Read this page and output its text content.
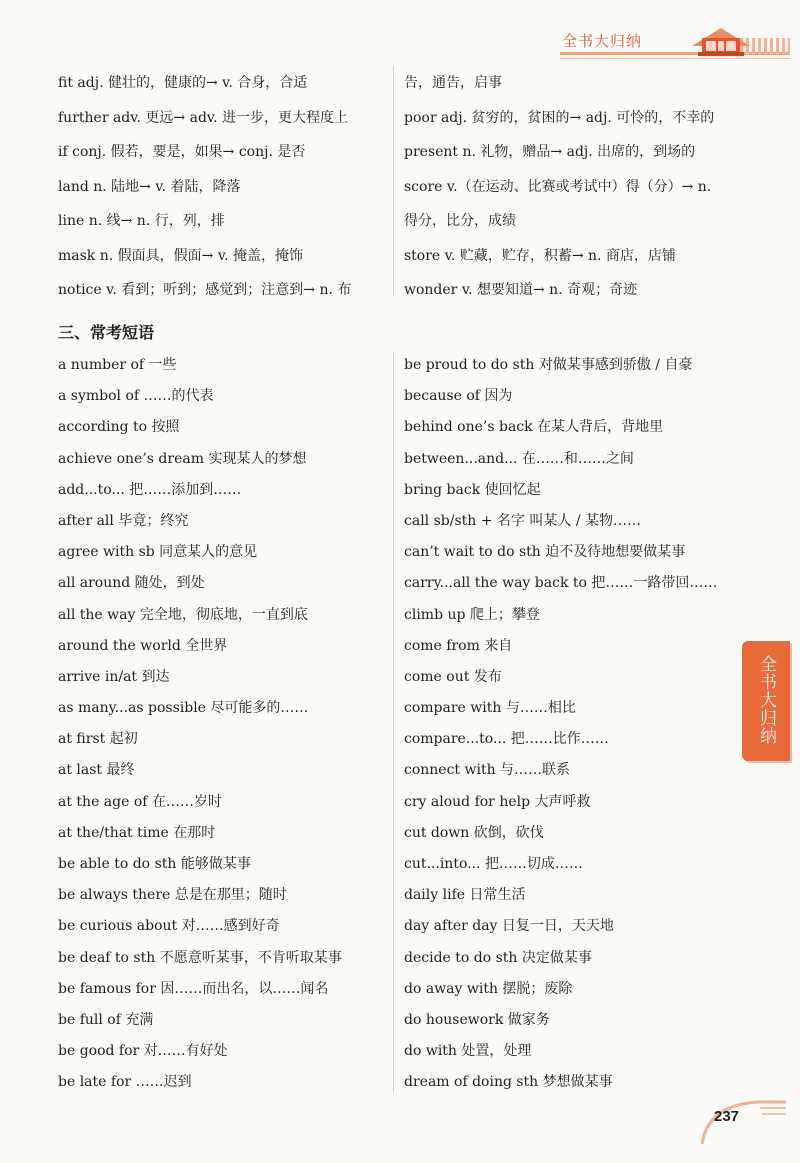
全书大归纳
fit adj. 健壮的，健康的→ v. 合身，合适
further adv. 更远→ adv. 进一步，更大程度上
if conj. 假若，要是，如果→ conj. 是否
land n. 陆地→ v. 着陆，降落
line n. 线→ n. 行，列，排
mask n. 假面具，假面→ v. 掩盖，掩饰
notice v. 看到；听到；感觉到；注意到→ n. 布
告，通告，启事
poor adj. 贫穷的，贫困的→ adj. 可怜的，不幸的
present n. 礼物，赠品→ adj. 出席的，到场的
score v.（在运动、比赛或考试中）得（分）→ n.
得分，比分，成绩
store v. 贮藏，贮存，积蓄→ n. 商店，店铺
wonder v. 想要知道→ n. 奇观；奇迹
三、常考短语
a number of 一些
a symbol of ……的代表
according to 按照
achieve one’s dream 实现某人的梦想
add...to... 把……添加到……
after all 毕竟；终究
agree with sb 同意某人的意见
all around 随处，到处
all the way 完全地，彻底地，一直到底
around the world 全世界
arrive in/at 到达
as many...as possible 尽可能多的……
at first 起初
at last 最终
at the age of 在……岁时
at the/that time 在那时
be able to do sth 能够做某事
be always there 总是在那里；随时
be curious about 对……感到好奇
be deaf to sth 不愿意听某事，不肯听取某事
be famous for 因……而出名，以……闻名
be full of 充满
be good for 对……有好处
be late for ……迟到
be proud to do sth 对做某事感到骄傲 / 自豪
because of 因为
behind one’s back 在某人背后，背地里
between...and... 在……和……之间
bring back 使回忆起
call sb/sth + 名字 叫某人 / 某物……
can’t wait to do sth 迫不及待地想要做某事
carry...all the way back to 把……一路带回……
climb up 爬上；攀登
come from 来自
come out 发布
compare with 与……相比
compare...to... 把……比作……
connect with 与……联系
cry aloud for help 大声呼救
cut down 砍倒，砍伐
cut...into... 把……切成……
daily life 日常生活
day after day 日复一日，天天地
decide to do sth 决定做某事
do away with 摆脱；废除
do housework 做家务
do with 处置，处理
dream of doing sth 梦想做某事
全书大归纳
237
